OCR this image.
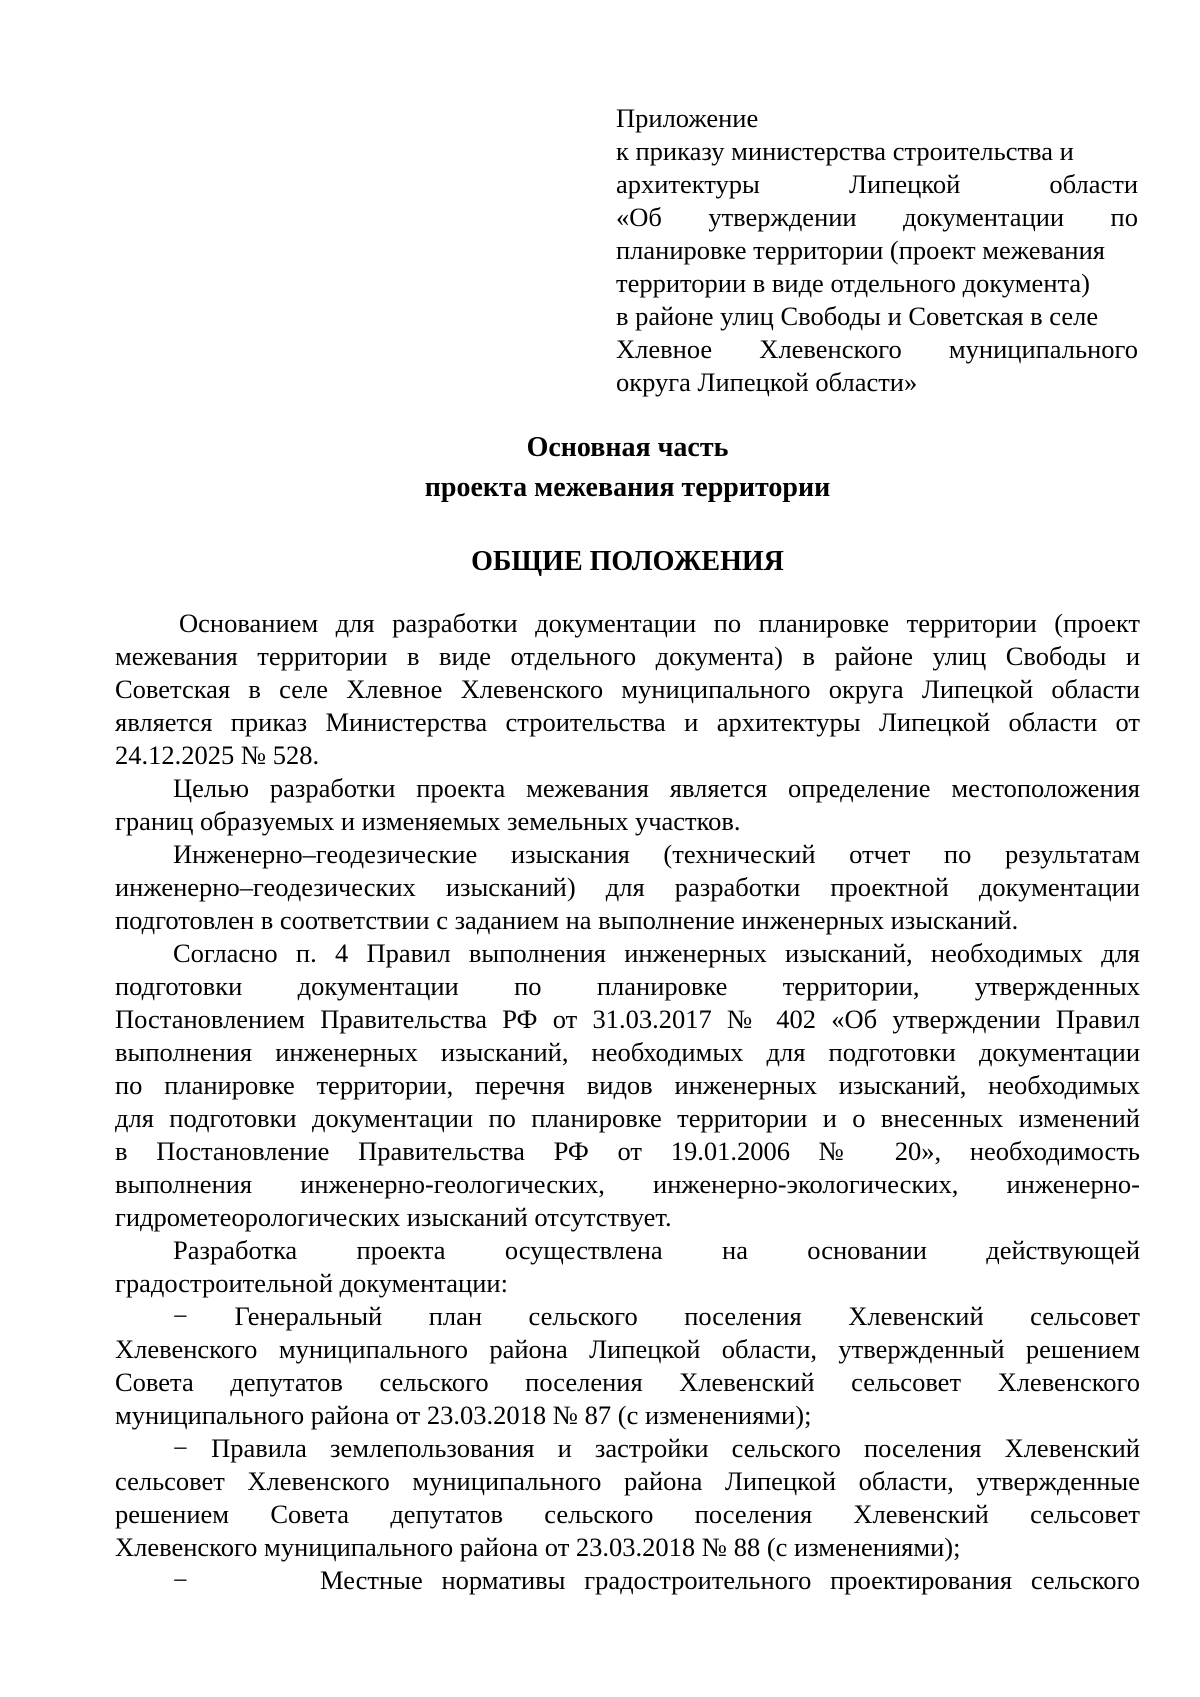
Приложение
к приказу министерства строительства и
архитектуры Липецкой области
«Об утверждении документации по
планировке территории (проект межевания
территории в виде отдельного документа)
в районе улиц Свободы и Советская в селе
Хлевное Хлевенского муниципального
округа Липецкой области»
Основная часть
проекта межевания территории
ОБЩИЕ ПОЛОЖЕНИЯ
Основанием для разработки документации по планировке территории (проект
межевания территории в виде отдельного документа) в районе улиц Свободы и
Советская в селе Хлевное Хлевенского муниципального округа Липецкой области
является приказ Министерства строительства и архитектуры Липецкой области от
24.12.2025 № 528.
Целью разработки проекта межевания является определение местоположения
границ образуемых и изменяемых земельных участков.
Инженерно–геодезические изыскания (технический отчет по результатам
инженерно–геодезических изысканий) для разработки проектной документации
подготовлен в соответствии с заданием на выполнение инженерных изысканий.
Согласно п. 4 Правил выполнения инженерных изысканий, необходимых для
подготовки документации по планировке территории, утвержденных
Постановлением Правительства РФ от 31.03.2017 № 402 «Об утверждении Правил
выполнения инженерных изысканий, необходимых для подготовки документации
по планировке территории, перечня видов инженерных изысканий, необходимых
для подготовки документации по планировке территории и о внесенных изменений
в Постановление Правительства РФ от 19.01.2006 № 20», необходимость
выполнения инженерно-геологических, инженерно-экологических, инженерно-
гидрометеорологических изысканий отсутствует.
Разработка проекта осуществлена на основании действующей
градостроительной документации:
− Генеральный план сельского поселения Хлевенский сельсовет
Хлевенского муниципального района Липецкой области, утвержденный решением
Совета депутатов сельского поселения Хлевенский сельсовет Хлевенского
муниципального района от 23.03.2018 № 87 (с изменениями);
− Правила землепользования и застройки сельского поселения Хлевенский
сельсовет Хлевенского муниципального района Липецкой области, утвержденные
решением Совета депутатов сельского поселения Хлевенский сельсовет
Хлевенского муниципального района от 23.03.2018 № 88 (с изменениями);
−	Местные нормативы градостроительного проектирования сельского
